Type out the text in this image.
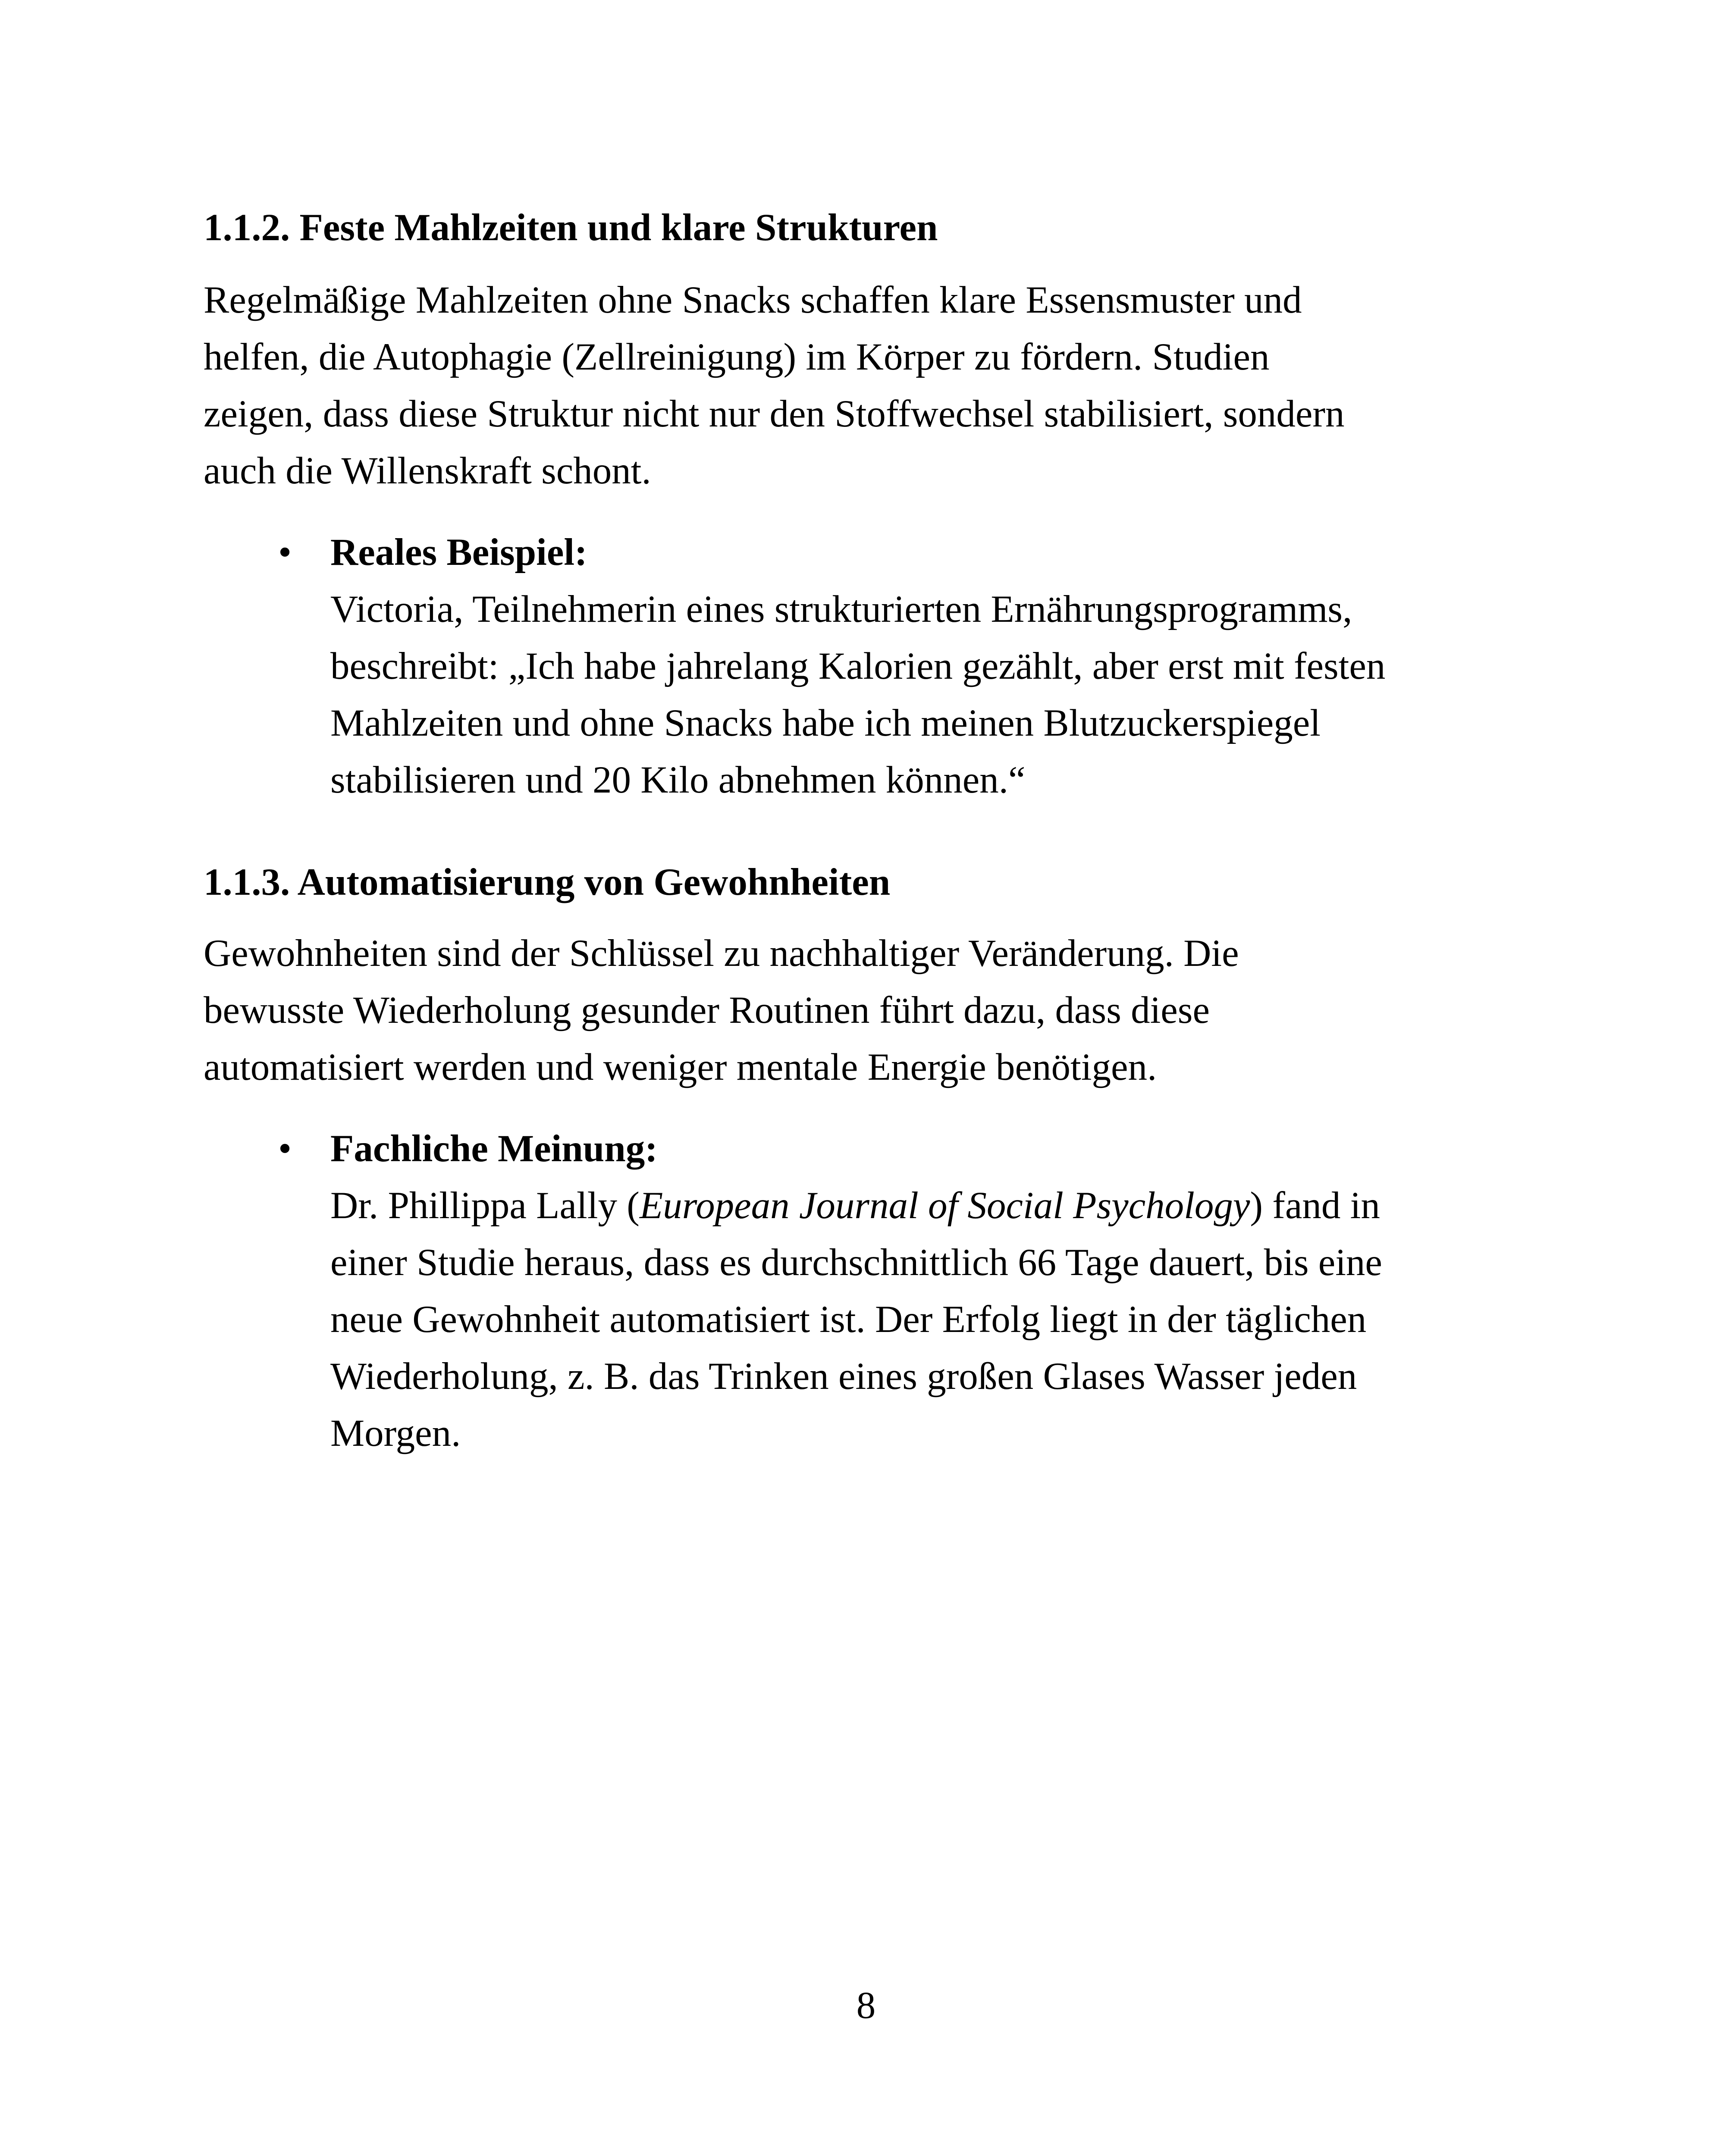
1.1.2. Feste Mahlzeiten und klare Strukturen
Regelmäßige Mahlzeiten ohne Snacks schaffen klare Essensmuster und
helfen, die Autophagie (Zellreinigung) im Körper zu fördern. Studien
zeigen, dass diese Struktur nicht nur den Stoffwechsel stabilisiert, sondern
auch die Willenskraft schont.
• Reales Beispiel:
Victoria, Teilnehmerin eines strukturierten Ernährungsprogramms,
beschreibt: „Ich habe jahrelang Kalorien gezählt, aber erst mit festen
Mahlzeiten und ohne Snacks habe ich meinen Blutzuckerspiegel
stabilisieren und 20 Kilo abnehmen können.“
1.1.3. Automatisierung von Gewohnheiten
Gewohnheiten sind der Schlüssel zu nachhaltiger Veränderung. Die
bewusste Wiederholung gesunder Routinen führt dazu, dass diese
automatisiert werden und weniger mentale Energie benötigen.
• Fachliche Meinung:
Dr. Phillippa Lally (European Journal of Social Psychology) fand in
einer Studie heraus, dass es durchschnittlich 66 Tage dauert, bis eine
neue Gewohnheit automatisiert ist. Der Erfolg liegt in der täglichen
Wiederholung, z. B. das Trinken eines großen Glases Wasser jeden
Morgen.
8
